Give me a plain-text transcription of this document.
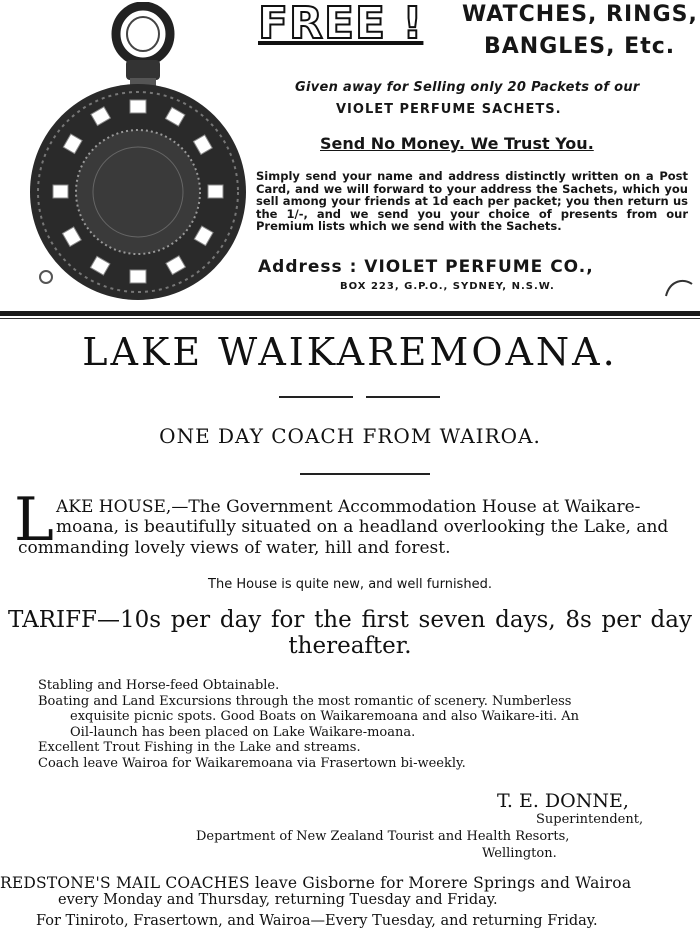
FREE ! WATCHES, RINGS,
BANGLES, Etc.
Given away for Selling only 20 Packets of our
VIOLET PERFUME SACHETS.
Send No Money. We Trust You.
Simply send your name and address distinctly written on a Post Card, and we will forward to your address the Sachets, which you sell among your friends at 1d each per packet; you then return us the 1/-, and we send you your choice of presents from our Premium lists which we send with the Sachets.
Address : VIOLET PERFUME CO.,
BOX 223, G.P.O., SYDNEY, N.S.W.
LAKE WAIKAREMOANA.
ONE DAY COACH FROM WAIROA.
L AKE HOUSE,—The Government Accommodation House at Waikare-
moana, is beautifully situated on a headland overlooking the Lake, and
commanding lovely views of water, hill and forest.
The House is quite new, and well furnished.
TARIFF—10s per day for the first seven days, 8s per day
thereafter.
Stabling and Horse-feed Obtainable.
Boating and Land Excursions through the most romantic of scenery. Numberless
exquisite picnic spots. Good Boats on Waikaremoana and also Waikare-iti. An
Oil-launch has been placed on Lake Waikare-moana.
Excellent Trout Fishing in the Lake and streams.
Coach leave Wairoa for Waikaremoana via Frasertown bi-weekly.
T. E. DONNE,
Superintendent,
Department of New Zealand Tourist and Health Resorts,
Wellington.
REDSTONE'S MAIL COACHES leave Gisborne for Morere Springs and Wairoa
every Monday and Thursday, returning Tuesday and Friday.
For Tiniroto, Frasertown, and Wairoa—Every Tuesday, and returning Friday.
